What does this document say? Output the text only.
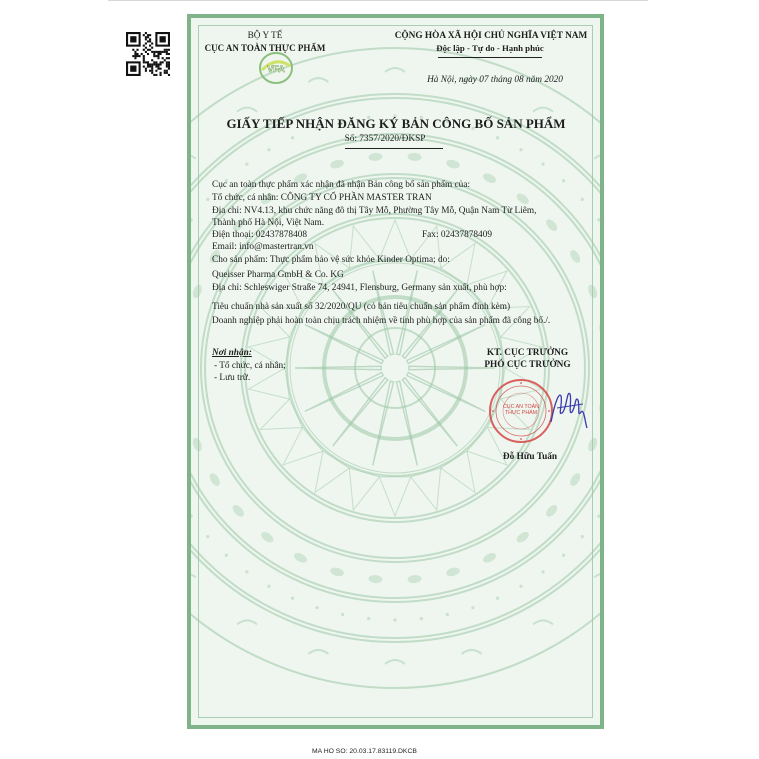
BỘ Y TẾ
CỤC AN TOÀN THỰC PHẨM
VFA
CỘNG HÒA XÃ HỘI CHỦ NGHĨA VIỆT NAM
Độc lập - Tự do - Hạnh phúc
Hà Nội, ngày 07 tháng 08 năm 2020
GIẤY TIẾP NHẬN ĐĂNG KÝ BẢN CÔNG BỐ SẢN PHẨM
Số: 7357/2020/ĐKSP
Cục an toàn thực phẩm xác nhận đã nhận Bản công bố sản phẩm của:
Tổ chức, cá nhân: CÔNG TY CỔ PHẦN MASTER TRAN
Địa chỉ: NV4.13, khu chức năng đô thị Tây Mỗ, Phường Tây Mỗ, Quận Nam Từ Liêm,
Thành phố Hà Nội, Việt Nam.
Điện thoại: 02437878408	Fax: 02437878409
Email: info@mastertran.vn
Cho sản phẩm: Thực phẩm bảo vệ sức khỏe Kinder Optima; do:
Queisser Pharma GmbH & Co. KG
Địa chỉ: Schleswiger Straße 74, 24941, Flensburg, Germany sản xuất, phù hợp:
Tiêu chuẩn nhà sản xuất số 32/2020/QU (có bản tiêu chuẩn sản phẩm đính kèm)
Doanh nghiệp phải hoàn toàn chịu trách nhiệm về tính phù hợp của sản phẩm đã công bố./.
Nơi nhận:
- Tổ chức, cá nhân;
- Lưu trữ.
KT. CỤC TRƯỞNG
PHÓ CỤC TRƯỞNG
CỤC AN TOÀN THỰC PHẨM
Đỗ Hữu Tuấn
MA HO SO: 20.03.17.83119.DKCB
